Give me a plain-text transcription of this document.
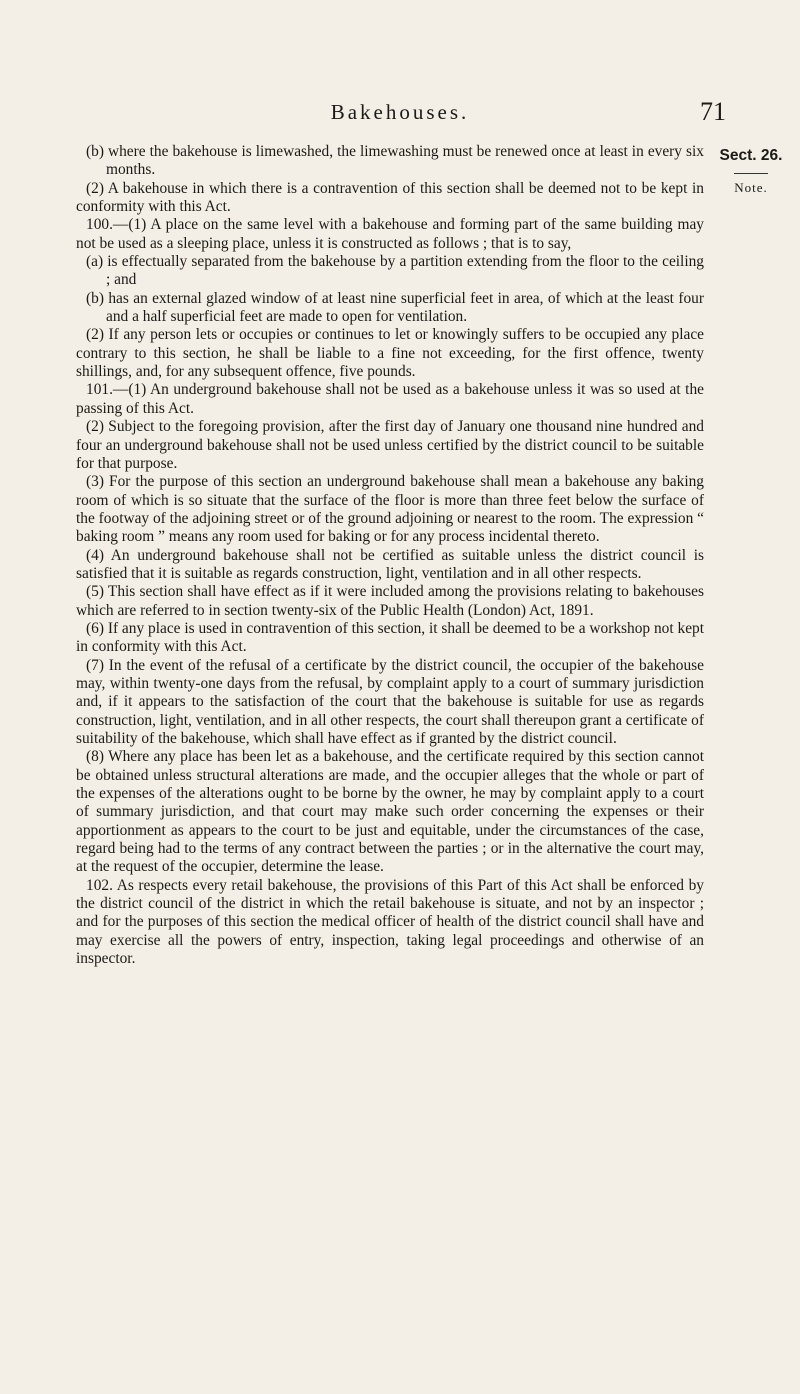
Bakehouses.	71
Sect. 26.
Note.

(b) where the bakehouse is limewashed, the limewashing must be renewed once at least in every six months.

(2) A bakehouse in which there is a contravention of this section shall be deemed not to be kept in conformity with this Act.

100.—(1) A place on the same level with a bakehouse and forming part of the same building may not be used as a sleeping place, unless it is constructed as follows ; that is to say,

(a) is effectually separated from the bakehouse by a partition extending from the floor to the ceiling ; and

(b) has an external glazed window of at least nine superficial feet in area, of which at the least four and a half superficial feet are made to open for ventilation.

(2) If any person lets or occupies or continues to let or knowingly suffers to be occupied any place contrary to this section, he shall be liable to a fine not exceeding, for the first offence, twenty shillings, and, for any subsequent offence, five pounds.

101.—(1) An underground bakehouse shall not be used as a bakehouse unless it was so used at the passing of this Act.

(2) Subject to the foregoing provision, after the first day of January one thousand nine hundred and four an underground bakehouse shall not be used unless certified by the district council to be suitable for that purpose.

(3) For the purpose of this section an underground bakehouse shall mean a bakehouse any baking room of which is so situate that the surface of the floor is more than three feet below the surface of the footway of the adjoining street or of the ground adjoining or nearest to the room. The expression “ baking room ” means any room used for baking or for any process incidental thereto.

(4) An underground bakehouse shall not be certified as suitable unless the district council is satisfied that it is suitable as regards construction, light, ventilation and in all other respects.

(5) This section shall have effect as if it were included among the provisions relating to bakehouses which are referred to in section twenty-six of the Public Health (London) Act, 1891.

(6) If any place is used in contravention of this section, it shall be deemed to be a workshop not kept in conformity with this Act.

(7) In the event of the refusal of a certificate by the district council, the occupier of the bakehouse may, within twenty-one days from the refusal, by complaint apply to a court of summary jurisdiction and, if it appears to the satisfaction of the court that the bakehouse is suitable for use as regards construction, light, ventilation, and in all other respects, the court shall thereupon grant a certificate of suitability of the bakehouse, which shall have effect as if granted by the district council.

(8) Where any place has been let as a bakehouse, and the certificate required by this section cannot be obtained unless structural alterations are made, and the occupier alleges that the whole or part of the expenses of the alterations ought to be borne by the owner, he may by complaint apply to a court of summary jurisdiction, and that court may make such order concerning the expenses or their apportionment as appears to the court to be just and equitable, under the circumstances of the case, regard being had to the terms of any contract between the parties ; or in the alternative the court may, at the request of the occupier, determine the lease.

102. As respects every retail bakehouse, the provisions of this Part of this Act shall be enforced by the district council of the district in which the retail bakehouse is situate, and not by an inspector ; and for the purposes of this section the medical officer of health of the district council shall have and may exercise all the powers of entry, inspection, taking legal proceedings and otherwise of an inspector.
